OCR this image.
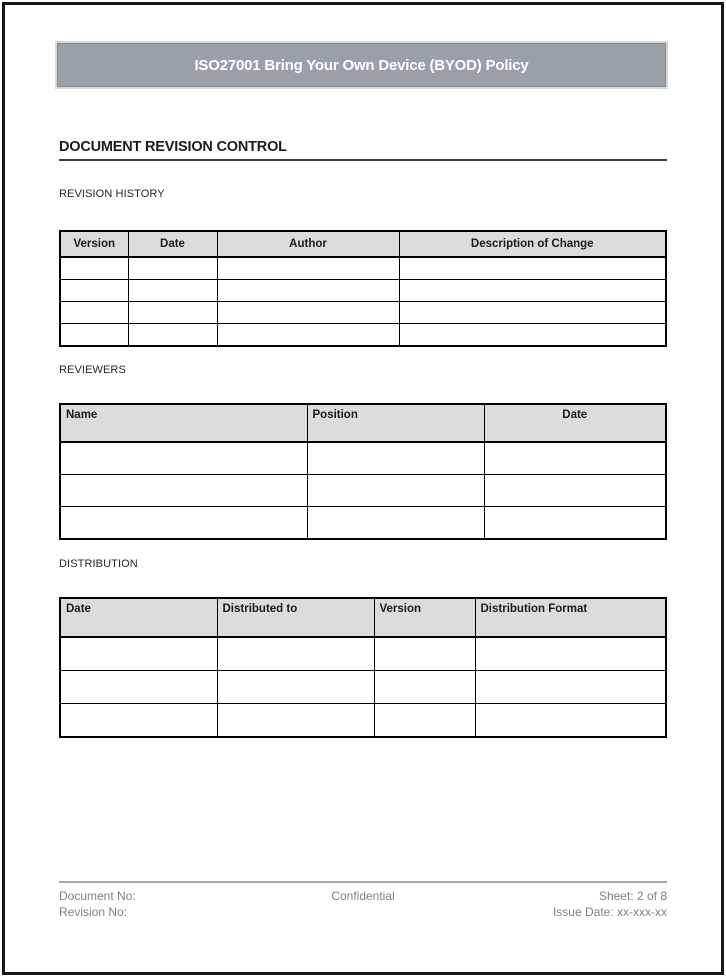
ISO27001 Bring Your Own Device (BYOD) Policy
DOCUMENT REVISION CONTROL
REVISION HISTORY
Version	Date	Author	Description of Change

REVIEWERS
Name	Position	Date

DISTRIBUTION
Date	Distributed to	Version	Distribution Format

Document No:
Revision No:
Confidential	Sheet: 2 of 8
Issue Date: xx-xxx-xx
